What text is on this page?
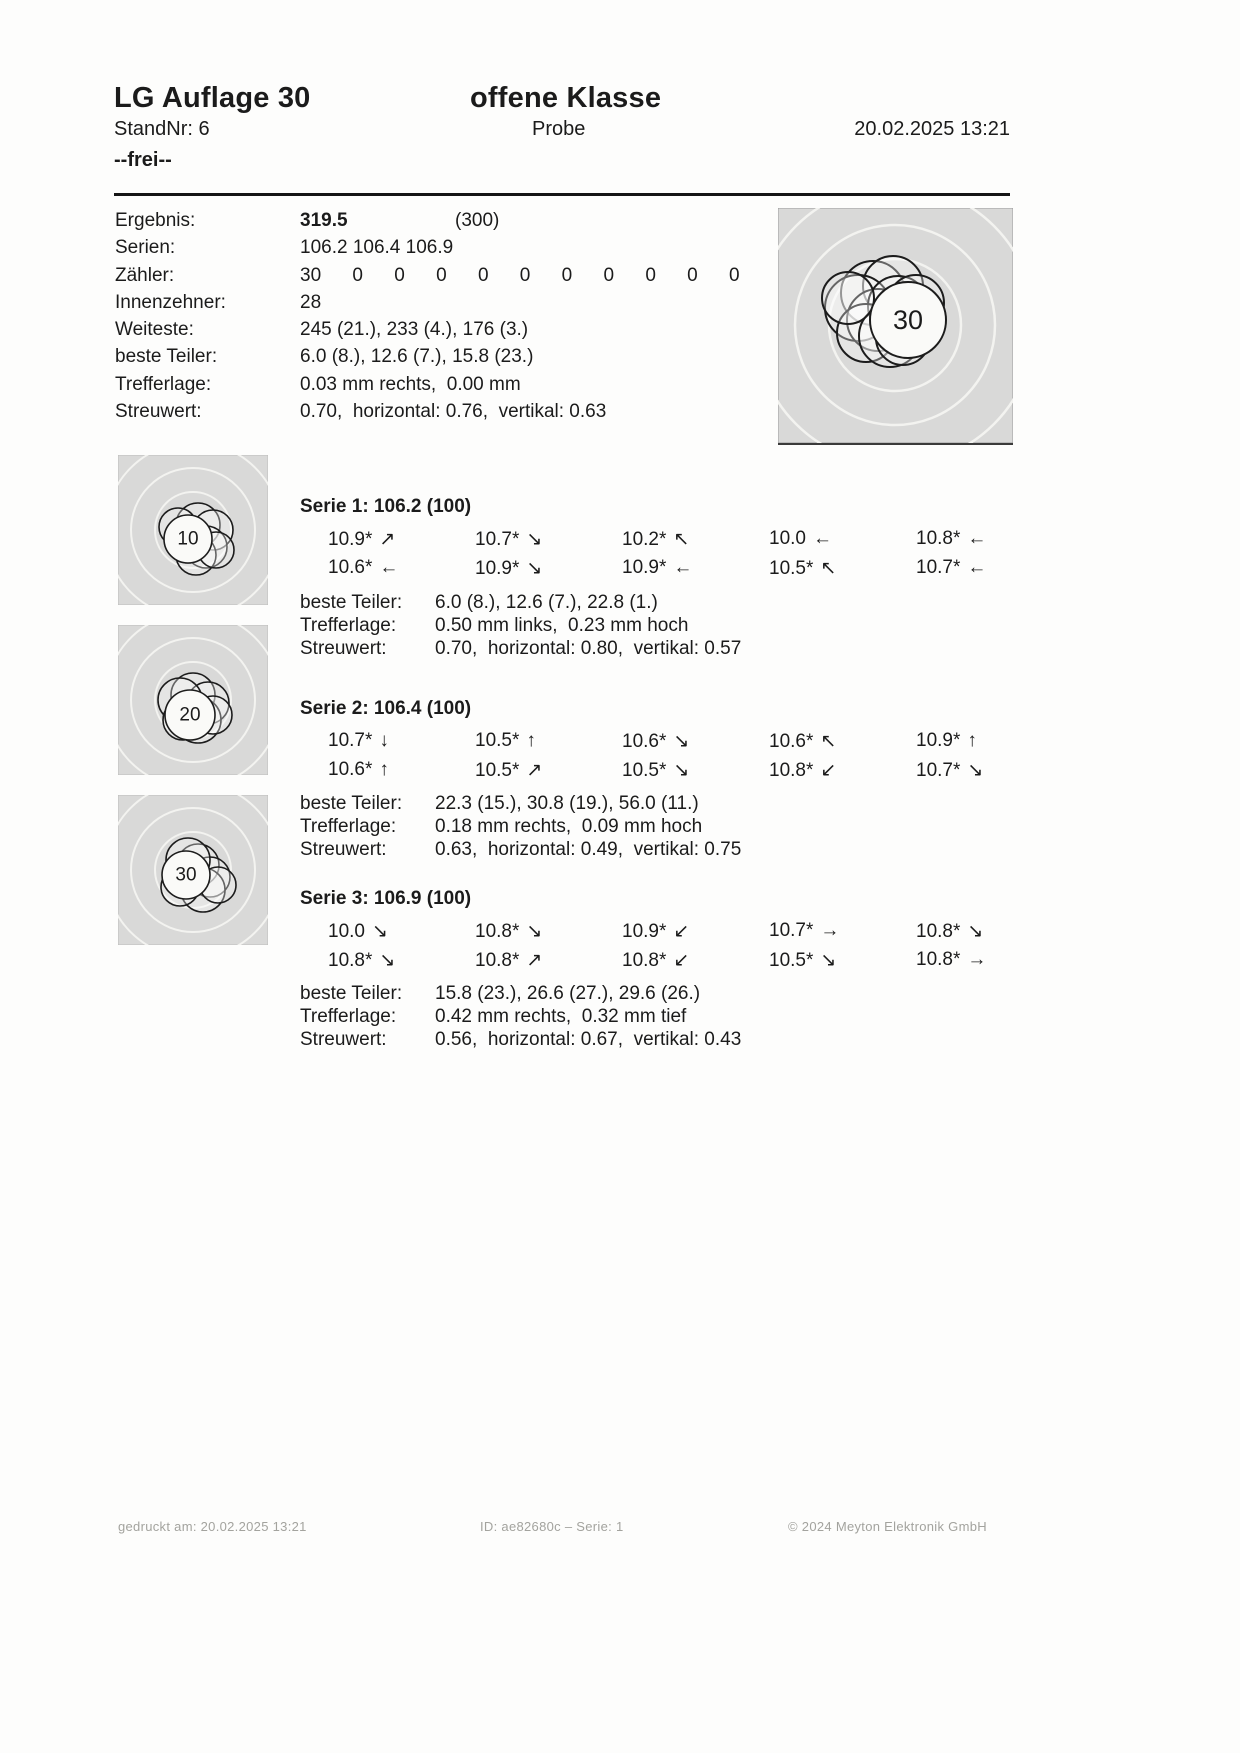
LG Auflage 30	offene Klasse
StandNr: 6	Probe	20.02.2025 13:21
--frei--
Ergebnis:	319.5	(300)
Serien:	106.2 106.4 106.9
Zähler:	30 0 0 0 0 0 0 0 0 0 0
Innenzehner:	28
Weiteste:	245 (21.), 233 (4.), 176 (3.)
beste Teiler:	6.0 (8.), 12.6 (7.), 15.8 (23.)
Trefferlage:	0.03 mm rechts,  0.00 mm
Streuwert:	0.70,  horizontal: 0.76,  vertikal: 0.63
30
10
Serie 1: 106.2 (100)
10.9* ↗	10.7* ↘	10.2* ↖	10.0 ←	10.8* ←
10.6* ←	10.9* ↘	10.9* ←	10.5* ↖	10.7* ←
beste Teiler:	6.0 (8.), 12.6 (7.), 22.8 (1.)
Trefferlage:	0.50 mm links,  0.23 mm hoch
Streuwert:	0.70,  horizontal: 0.80,  vertikal: 0.57
20	Serie 2: 106.4 (100)
10.7* ↓	10.5* ↑	10.6* ↘	10.6* ↖	10.9* ↑
10.6* ↑	10.5* ↗	10.5* ↘	10.8* ↙	10.7* ↘
beste Teiler:	22.3 (15.), 30.8 (19.), 56.0 (11.)
Trefferlage:	0.18 mm rechts,  0.09 mm hoch
Streuwert:	0.63,  horizontal: 0.49,  vertikal: 0.75
30
Serie 3: 106.9 (100)
10.0 ↘	10.8* ↘	10.9* ↙	10.7* →	10.8* ↘
10.8* ↘	10.8* ↗	10.8* ↙	10.5* ↘	10.8* →
beste Teiler:	15.8 (23.), 26.6 (27.), 29.6 (26.)
Trefferlage:	0.42 mm rechts,  0.32 mm tief
Streuwert:	0.56,  horizontal: 0.67,  vertikal: 0.43
gedruckt am: 20.02.2025 13:21	ID: ae82680c – Serie: 1	© 2024 Meyton Elektronik GmbH
